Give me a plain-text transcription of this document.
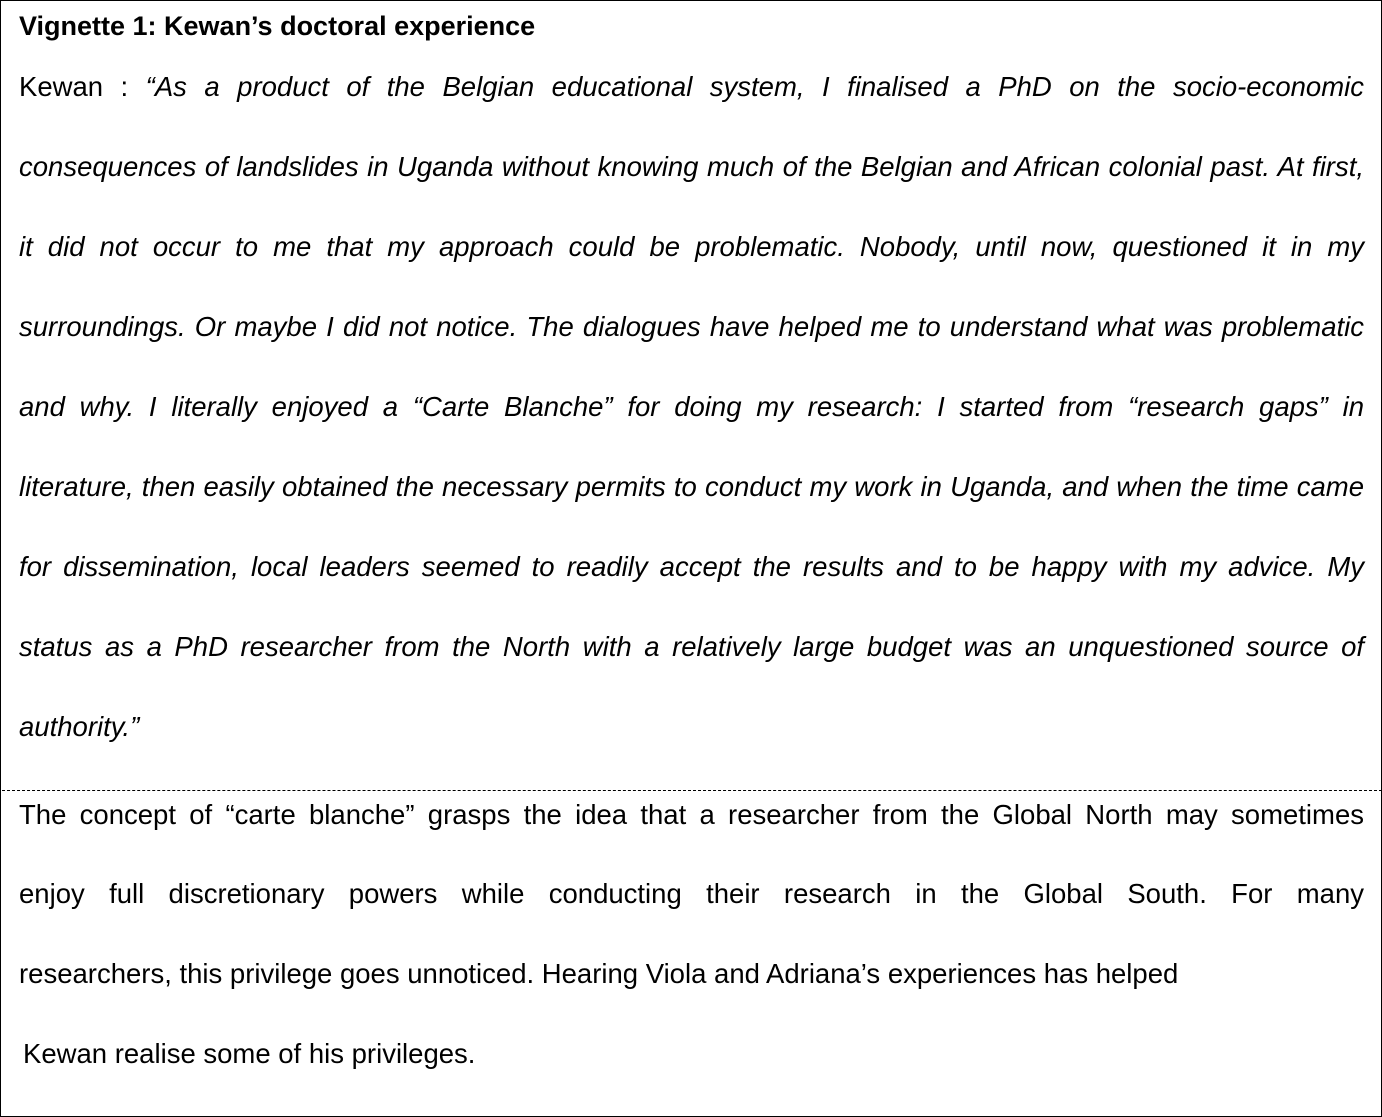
Vignette 1: Kewan’s doctoral experience
Kewan : “As a product of the Belgian educational system, I finalised a PhD on the socio-economic consequences of landslides in Uganda without knowing much of the Belgian and African colonial past. At first, it did not occur to me that my approach could be problematic. Nobody, until now, questioned it in my surroundings. Or maybe I did not notice. The dialogues have helped me to understand what was problematic and why. I literally enjoyed a “Carte Blanche” for doing my research: I started from “research gaps” in literature, then easily obtained the necessary permits to conduct my work in Uganda, and when the time came for dissemination, local leaders seemed to readily accept the results and to be happy with my advice. My status as a PhD researcher from the North with a relatively large budget was an unquestioned source of authority.”
The concept of “carte blanche” grasps the idea that a researcher from the Global North may sometimes
enjoy full discretionary powers while conducting their research in the Global South. For many
researchers, this privilege goes unnoticed. Hearing Viola and Adriana’s experiences has helped
Kewan realise some of his privileges.
